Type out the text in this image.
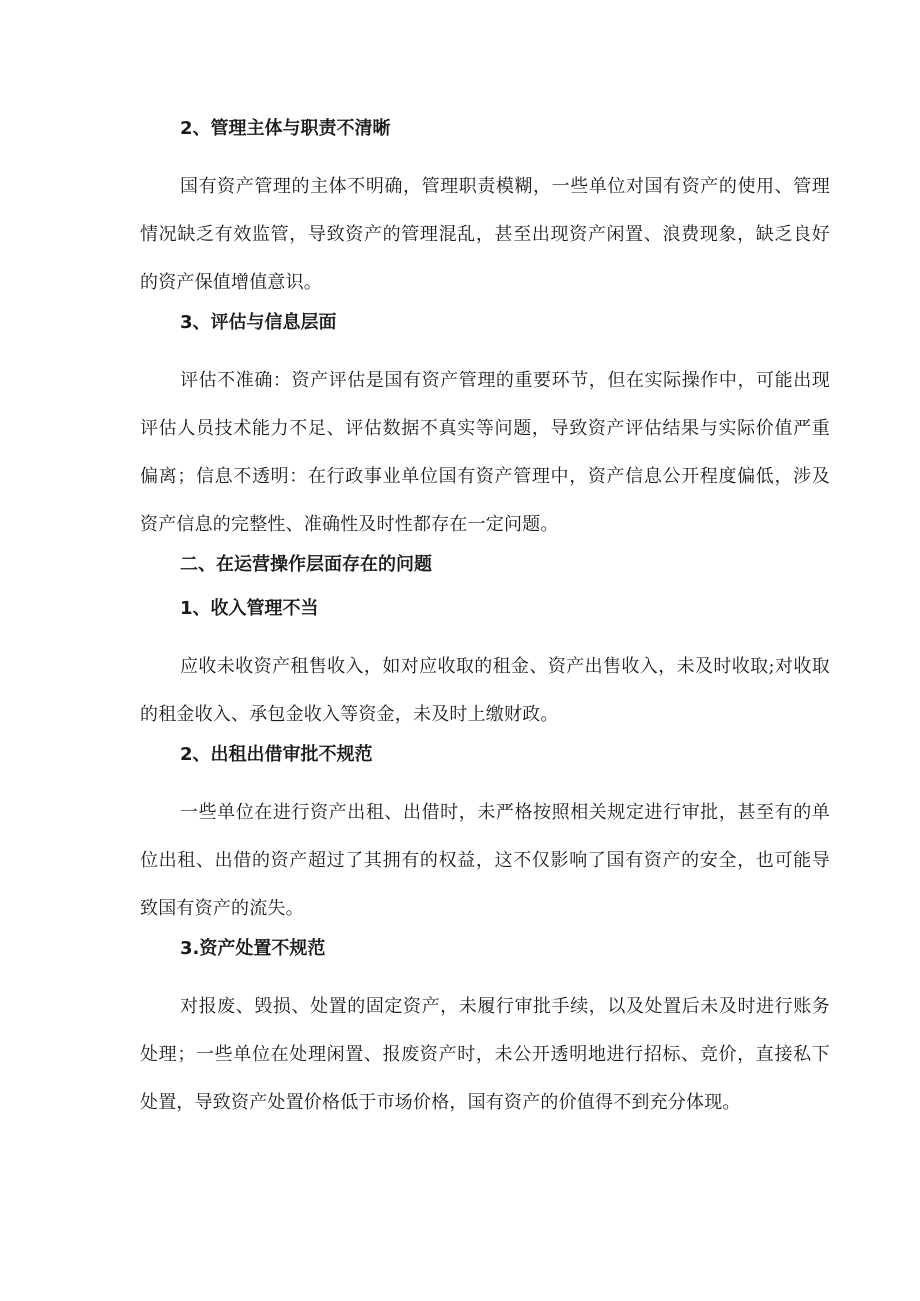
2、管理主体与职责不清晰

国有资产管理的主体不明确，管理职责模糊，一些单位对国有资产的使用、管理情况缺乏有效监管，导致资产的管理混乱，甚至出现资产闲置、浪费现象，缺乏良好的资产保值增值意识。

3、评估与信息层面

评估不准确：资产评估是国有资产管理的重要环节，但在实际操作中，可能出现评估人员技术能力不足、评估数据不真实等问题，导致资产评估结果与实际价值严重偏离；信息不透明：在行政事业单位国有资产管理中，资产信息公开程度偏低，涉及资产信息的完整性、准确性及时性都存在一定问题。

二、在运营操作层面存在的问题
1、收入管理不当

应收未收资产租售收入，如对应收取的租金、资产出售收入，未及时收取;对收取的租金收入、承包金收入等资金，未及时上缴财政。

2、出租出借审批不规范

一些单位在进行资产出租、出借时，未严格按照相关规定进行审批，甚至有的单位出租、出借的资产超过了其拥有的权益，这不仅影响了国有资产的安全，也可能导致国有资产的流失。

3.资产处置不规范

对报废、毁损、处置的固定资产，未履行审批手续，以及处置后未及时进行账务处理；一些单位在处理闲置、报废资产时，未公开透明地进行招标、竞价，直接私下处置，导致资产处置价格低于市场价格，国有资产的价值得不到充分体现。
